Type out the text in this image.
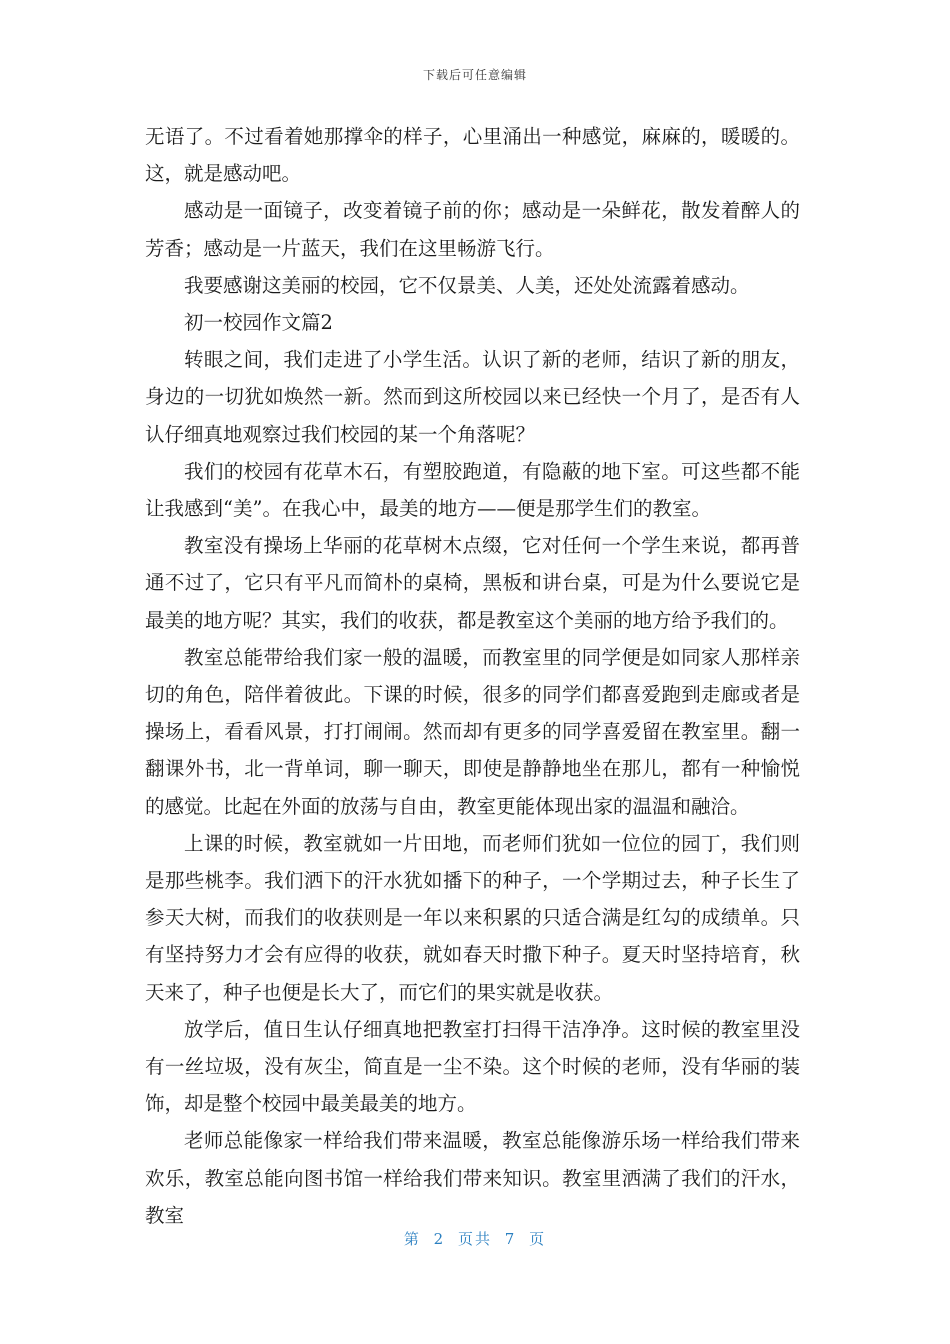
下载后可任意编辑

无语了。不过看着她那撑伞的样子，心里涌出一种感觉，麻麻的，暖暖的。这，就是感动吧。

感动是一面镜子，改变着镜子前的你；感动是一朵鲜花，散发着醉人的芳香；感动是一片蓝天，我们在这里畅游飞行。

我要感谢这美丽的校园，它不仅景美、人美，还处处流露着感动。

初一校园作文篇2

转眼之间，我们走进了小学生活。认识了新的老师，结识了新的朋友，身边的一切犹如焕然一新。然而到这所校园以来已经快一个月了，是否有人认仔细真地观察过我们校园的某一个角落呢？

我们的校园有花草木石，有塑胶跑道，有隐蔽的地下室。可这些都不能让我感到“美”。在我心中，最美的地方——便是那学生们的教室。

教室没有操场上华丽的花草树木点缀，它对任何一个学生来说，都再普通不过了，它只有平凡而简朴的桌椅，黑板和讲台桌，可是为什么要说它是最美的地方呢？其实，我们的收获，都是教室这个美丽的地方给予我们的。

教室总能带给我们家一般的温暖，而教室里的同学便是如同家人那样亲切的角色，陪伴着彼此。下课的时候，很多的同学们都喜爱跑到走廊或者是操场上，看看风景，打打闹闹。然而却有更多的同学喜爱留在教室里。翻一翻课外书，北一背单词，聊一聊天，即使是静静地坐在那儿，都有一种愉悦的感觉。比起在外面的放荡与自由，教室更能体现出家的温温和融洽。

上课的时候，教室就如一片田地，而老师们犹如一位位的园丁，我们则是那些桃李。我们洒下的汗水犹如播下的种子，一个学期过去，种子长生了参天大树，而我们的收获则是一年以来积累的只适合满是红勾的成绩单。只有坚持努力才会有应得的收获，就如春天时撒下种子。夏天时坚持培育，秋天来了，种子也便是长大了，而它们的果实就是收获。

放学后，值日生认仔细真地把教室打扫得干洁净净。这时候的教室里没有一丝垃圾，没有灰尘，简直是一尘不染。这个时候的老师，没有华丽的装饰，却是整个校园中最美最美的地方。

老师总能像家一样给我们带来温暖，教室总能像游乐场一样给我们带来欢乐，教室总能向图书馆一样给我们带来知识。教室里洒满了我们的汗水，教室

第 2 页共 7 页
